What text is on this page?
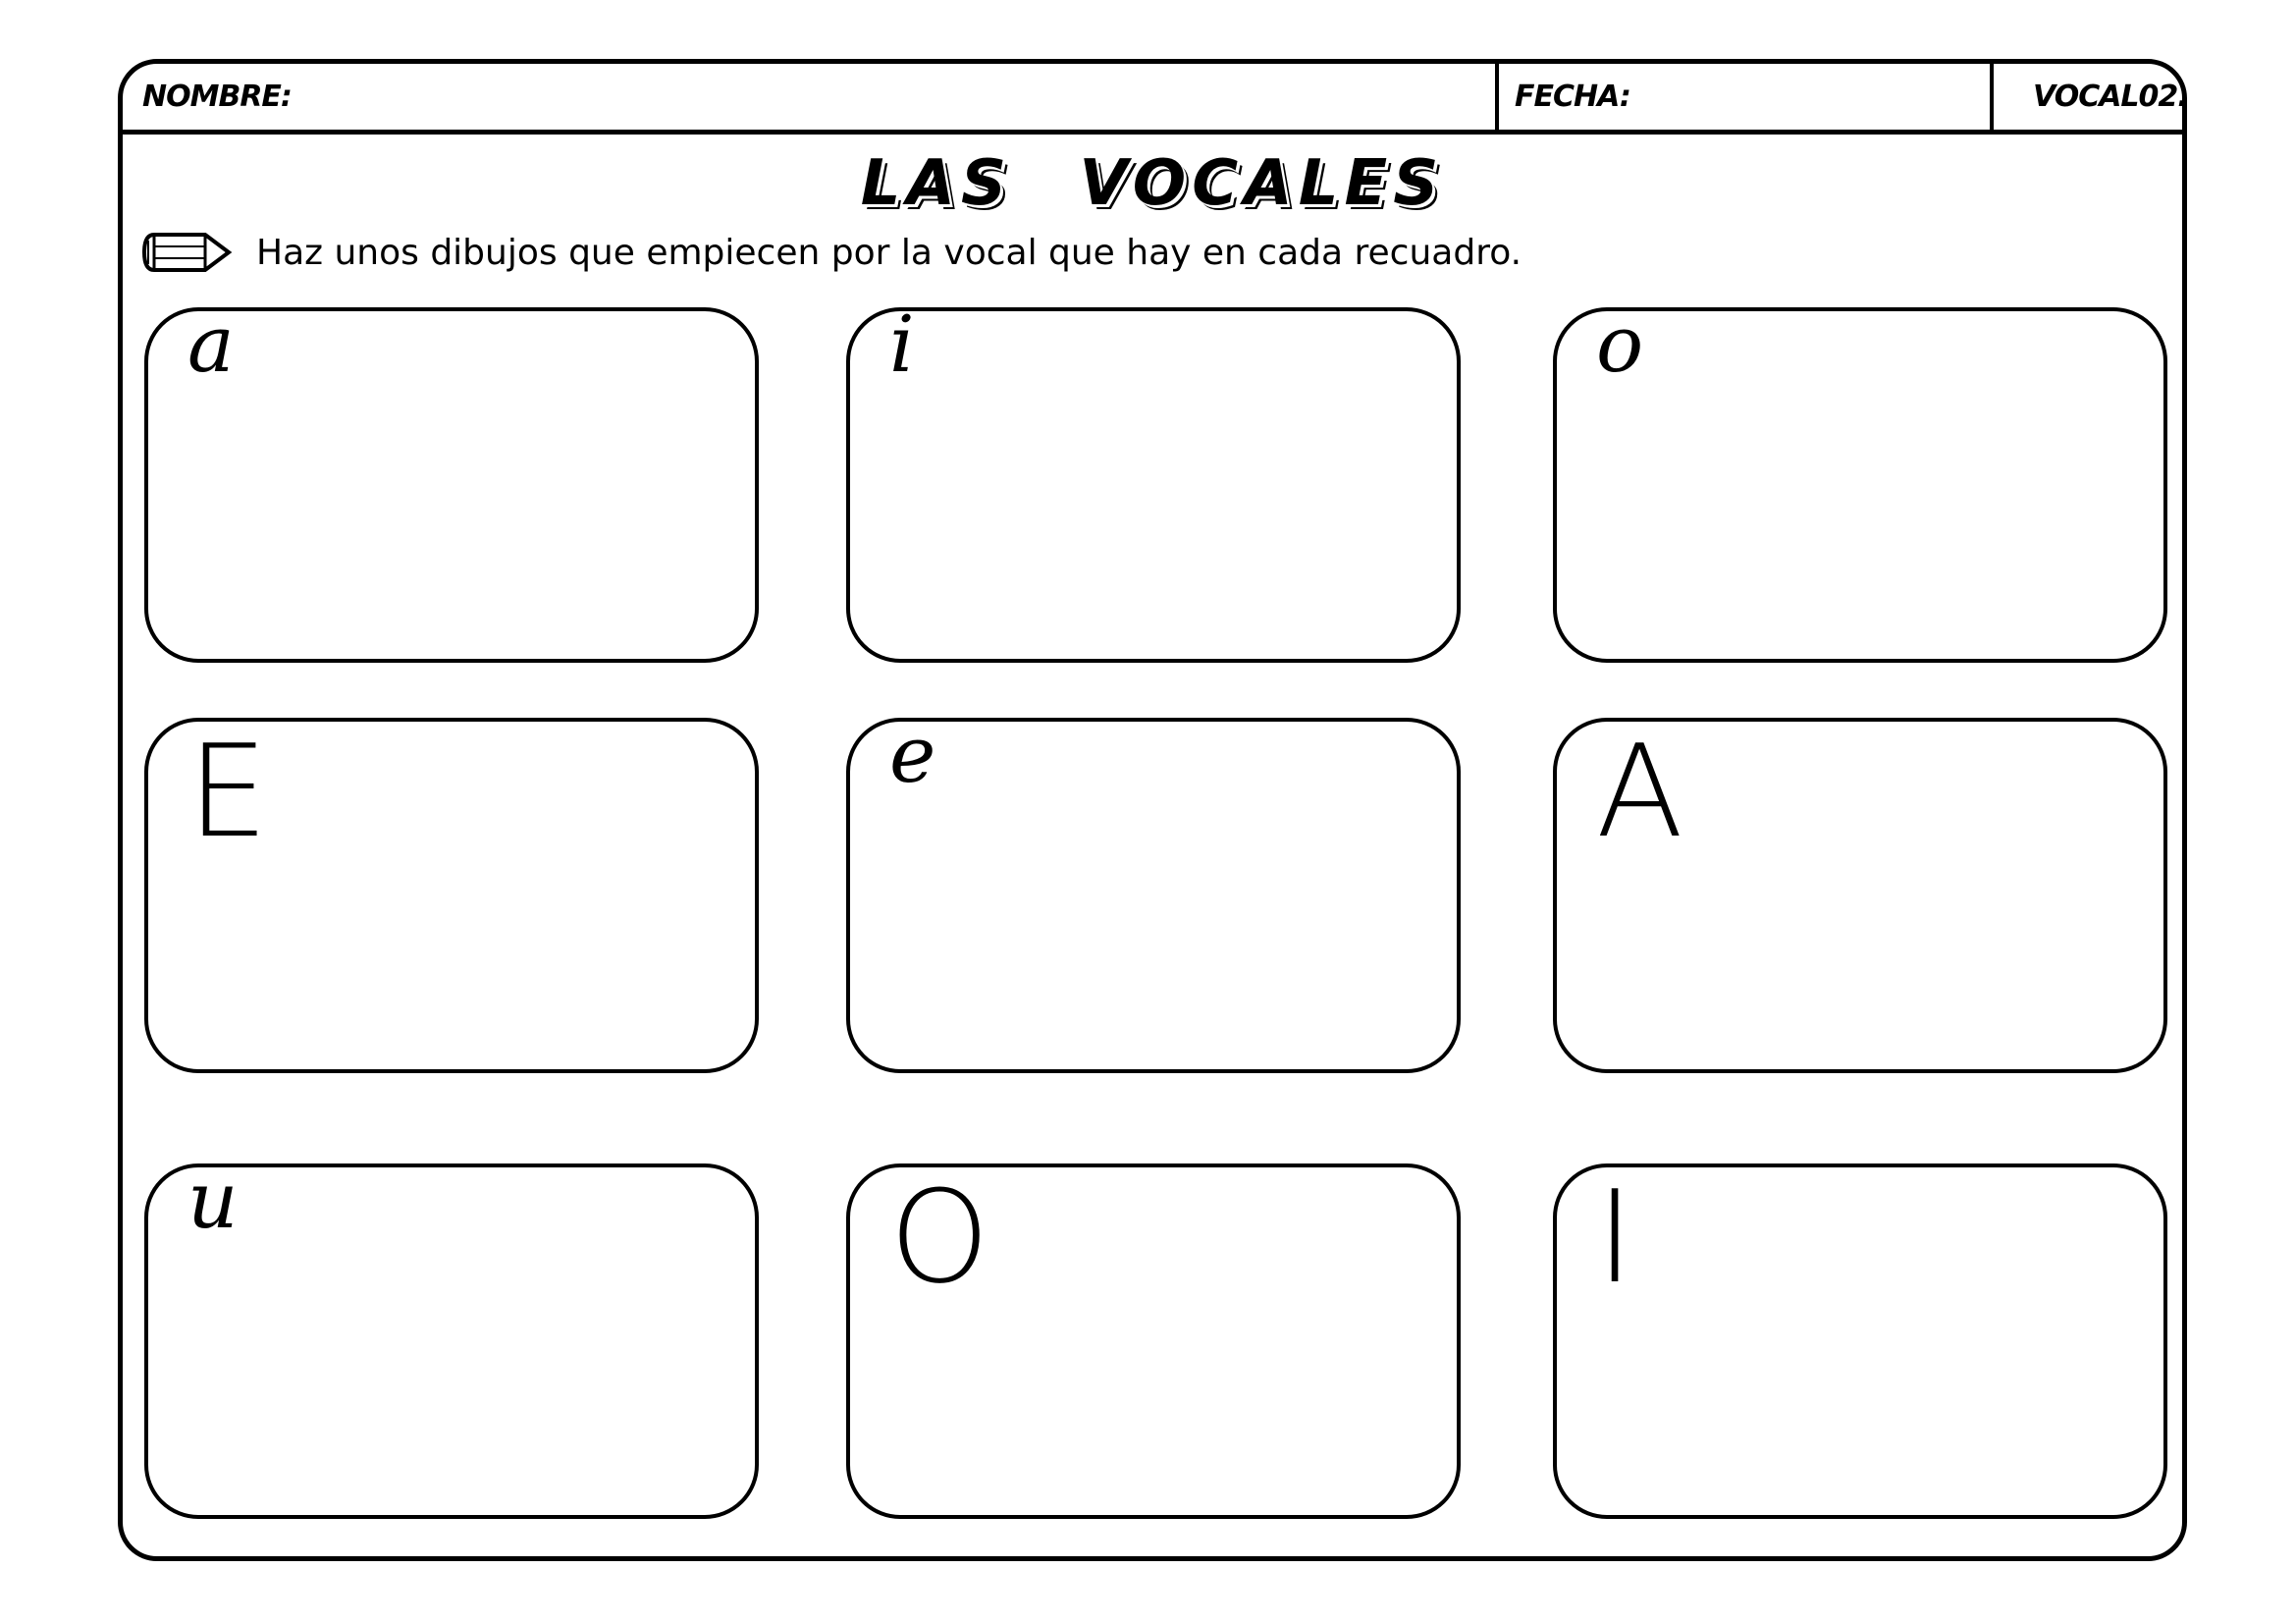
NOMBRE:	FECHA:	VOCAL02.
LAS VOCALES
Haz unos dibujos que empiecen por la vocal que hay en cada recuadro.
a	i	o
E	e	A
u	O	I
